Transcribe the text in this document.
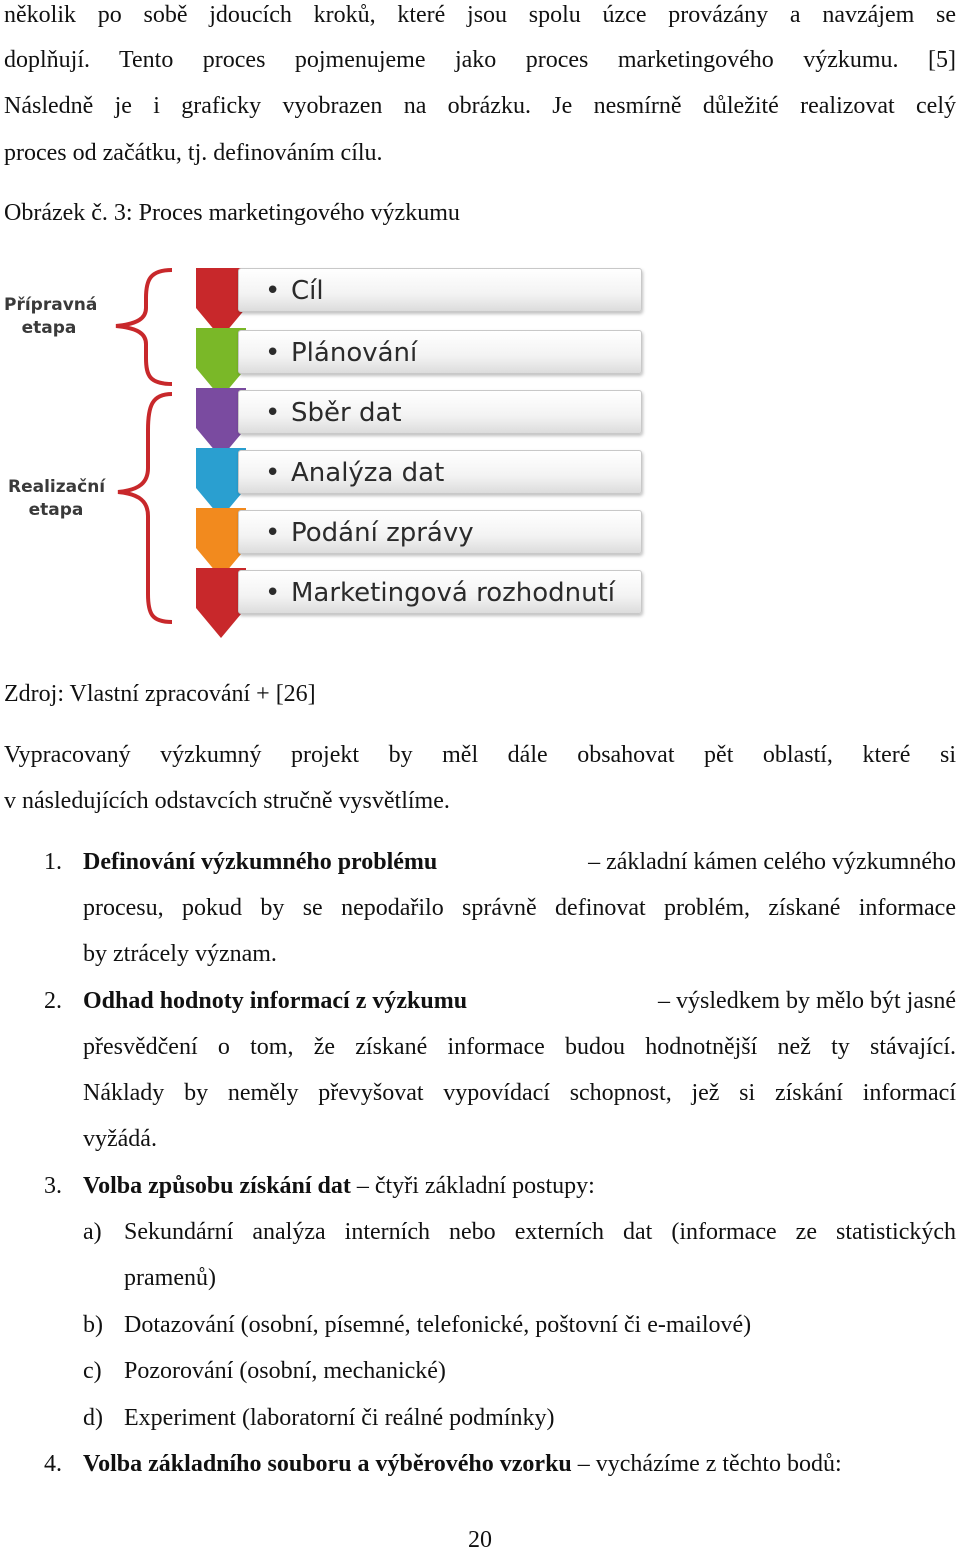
několik po sobě jdoucích kroků, které jsou spolu úzce provázány a navzájem se
doplňují. Tento proces pojmenujeme jako proces marketingového výzkumu. [5]
Následně je i graficky vyobrazen na obrázku. Je nesmírně důležité realizovat celý
proces od začátku, tj. definováním cílu.
Obrázek č. 3: Proces marketingového výzkumu
Přípravná etapa
Realizační etapa
• Cíl
• Plánování
• Sběr dat
• Analýza dat
• Podání zprávy
• Marketingová rozhodnutí
Zdroj: Vlastní zpracování + [26]
Vypracovaný výzkumný projekt by měl dále obsahovat pět oblastí, které si
v následujících odstavcích stručně vysvětlíme.
1. Definování výzkumného problému	– základní kámen celého výzkumného
procesu, pokud by se nepodařilo správně definovat problém, získané informace
by ztrácely význam.
2. Odhad hodnoty informací z výzkumu	– výsledkem by mělo být jasné
přesvědčení o tom, že získané informace budou hodnotnější než ty stávající.
Náklady by neměly převyšovat vypovídací schopnost, jež si získání informací
vyžádá.
3. Volba způsobu získání dat – čtyři základní postupy:
a) Sekundární analýza interních nebo externích dat (informace ze statistických
pramenů)
b) Dotazování (osobní, písemné, telefonické, poštovní či e-mailové)
c) Pozorování (osobní, mechanické)
d) Experiment (laboratorní či reálné podmínky)
4. Volba základního souboru a výběrového vzorku – vycházíme z těchto bodů:
20
